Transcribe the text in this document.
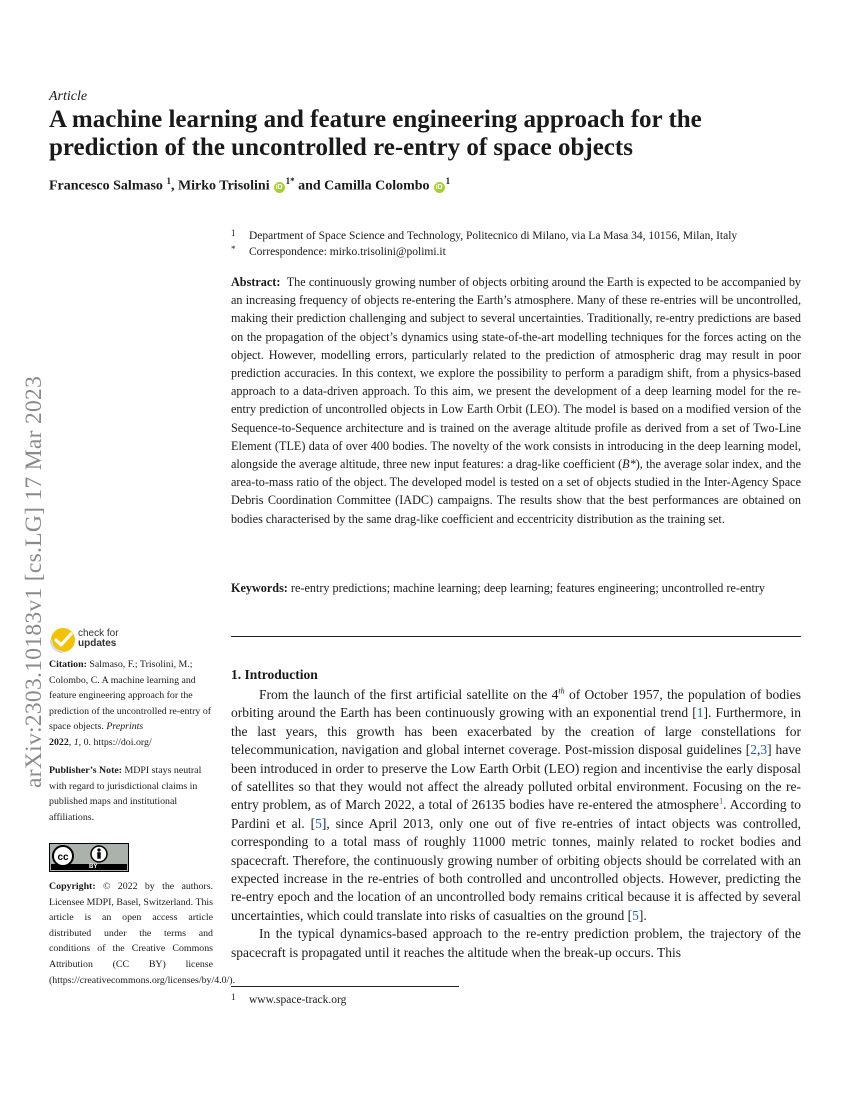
arXiv:2303.10183v1 [cs.LG] 17 Mar 2023
Article
A machine learning and feature engineering approach for the prediction of the uncontrolled re-entry of space objects
Francesco Salmaso $^1$, Mirko Trisolini $iD^{1*}$ and Camilla Colombo $iD^1$
1 Department of Space Science and Technology, Politecnico di Milano, via La Masa 34, 10156, Milan, Italy
* Correspondence: mirko.trisolini@polimi.it
Abstract: The continuously growing number of objects orbiting around the Earth is expected to be accompanied by an increasing frequency of objects re-entering the Earth’s atmosphere. Many of these re-entries will be uncontrolled, making their prediction challenging and subject to several uncertainties. Traditionally, re-entry predictions are based on the propagation of the object’s dynamics using state-of-the-art modelling techniques for the forces acting on the object. However, modelling errors, particularly related to the prediction of atmospheric drag may result in poor prediction accuracies. In this context, we explore the possibility to perform a paradigm shift, from a physics-based approach to a data-driven approach. To this aim, we present the development of a deep learning model for the re-entry prediction of uncontrolled objects in Low Earth Orbit (LEO). The model is based on a modified version of the Sequence-to-Sequence architecture and is trained on the average altitude profile as derived from a set of Two-Line Element (TLE) data of over 400 bodies. The novelty of the work consists in introducing in the deep learning model, alongside the average altitude, three new input features: a drag-like coefficient (B*), the average solar index, and the area-to-mass ratio of the object. The developed model is tested on a set of objects studied in the Inter-Agency Space Debris Coordination Committee (IADC) campaigns. The results show that the best performances are obtained on bodies characterised by the same drag-like coefficient and eccentricity distribution as the training set.
Keywords: re-entry predictions; machine learning; deep learning; features engineering; uncontrolled re-entry
1. Introduction

From the launch of the first artificial satellite on the 4th of October 1957, the population of bodies orbiting around the Earth has been continuously growing with an exponential trend [1]. Furthermore, in the last years, this growth has been exacerbated by the creation of large constellations for telecommunication, navigation and global internet coverage. Post-mission disposal guidelines [2,3] have been introduced in order to preserve the Low Earth Orbit (LEO) region and incentivise the early disposal of satellites so that they would not affect the already polluted orbital environment. Focusing on the re-entry problem, as of March 2022, a total of 26135 bodies have re-entered the atmosphere$^1$. According to Pardini et al. [5], since April 2013, only one out of five re-entries of intact objects was controlled, corresponding to a total mass of roughly 11000 metric tonnes, mainly related to rocket bodies and spacecraft. Therefore, the continuously growing number of orbiting objects should be correlated with an expected increase in the re-entries of both controlled and uncontrolled objects. However, predicting the re-entry epoch and the location of an uncontrolled body remains critical because it is affected by several uncertainties, which could translate into risks of casualties on the ground [5].

In the typical dynamics-based approach to the re-entry prediction problem, the trajectory of the spacecraft is propagated until it reaches the altitude when the break-up occurs. This

1 www.space-track.org
check for
updates
Citation: Salmaso, F.; Trisolini, M.; Colombo, C. A machine learning and feature engineering approach for the prediction of the uncontrolled re-entry of space objects. Preprints
2022, 1, 0. https://doi.org/
Publisher’s Note: MDPI stays neutral with regard to jurisdictional claims in published maps and institutional affiliations.
cc
BY
Copyright: © 2022 by the authors. Licensee MDPI, Basel, Switzerland. This article is an open access article distributed under the terms and conditions of the Creative Commons Attribution (CC BY) license (https://creativecommons.org/licenses/by/4.0/).
